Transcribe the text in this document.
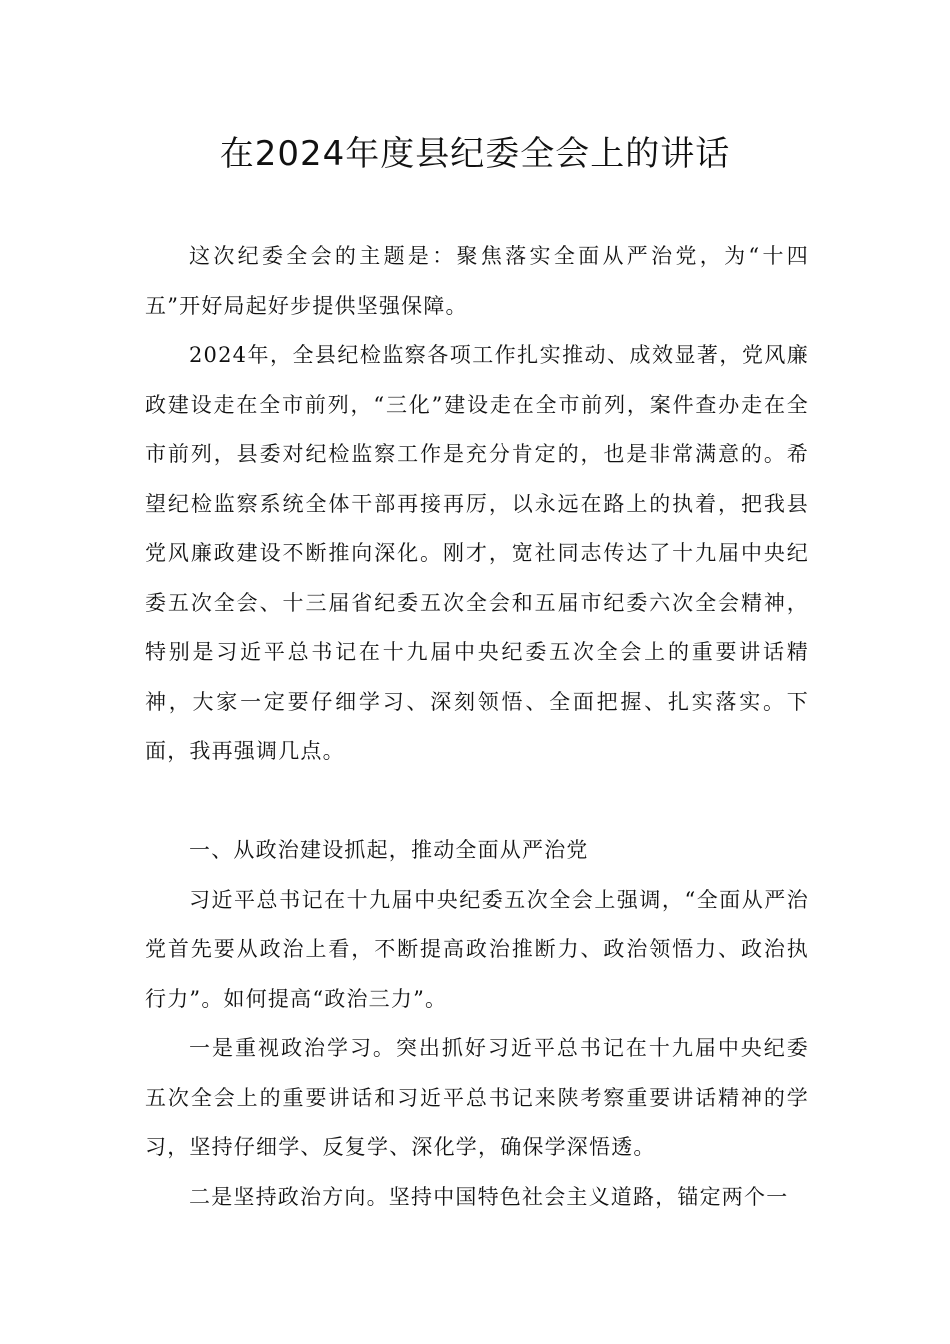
在2024年度县纪委全会上的讲话

这次纪委全会的主题是：聚焦落实全面从严治党，为“十四五”开好局起好步提供坚强保障。

2024年，全县纪检监察各项工作扎实推动、成效显著，党风廉政建设走在全市前列，“三化”建设走在全市前列，案件查办走在全市前列，县委对纪检监察工作是充分肯定的，也是非常满意的。希望纪检监察系统全体干部再接再厉，以永远在路上的执着，把我县党风廉政建设不断推向深化。刚才，宽社同志传达了十九届中央纪委五次全会、十三届省纪委五次全会和五届市纪委六次全会精神，特别是习近平总书记在十九届中央纪委五次全会上的重要讲话精神，大家一定要仔细学习、深刻领悟、全面把握、扎实落实。下面，我再强调几点。

一、从政治建设抓起，推动全面从严治党

习近平总书记在十九届中央纪委五次全会上强调，“全面从严治党首先要从政治上看，不断提高政治推断力、政治领悟力、政治执行力”。如何提高“政治三力”。

一是重视政治学习。突出抓好习近平总书记在十九届中央纪委五次全会上的重要讲话和习近平总书记来陕考察重要讲话精神的学习，坚持仔细学、反复学、深化学，确保学深悟透。

二是坚持政治方向。坚持中国特色社会主义道路，锚定两个一
